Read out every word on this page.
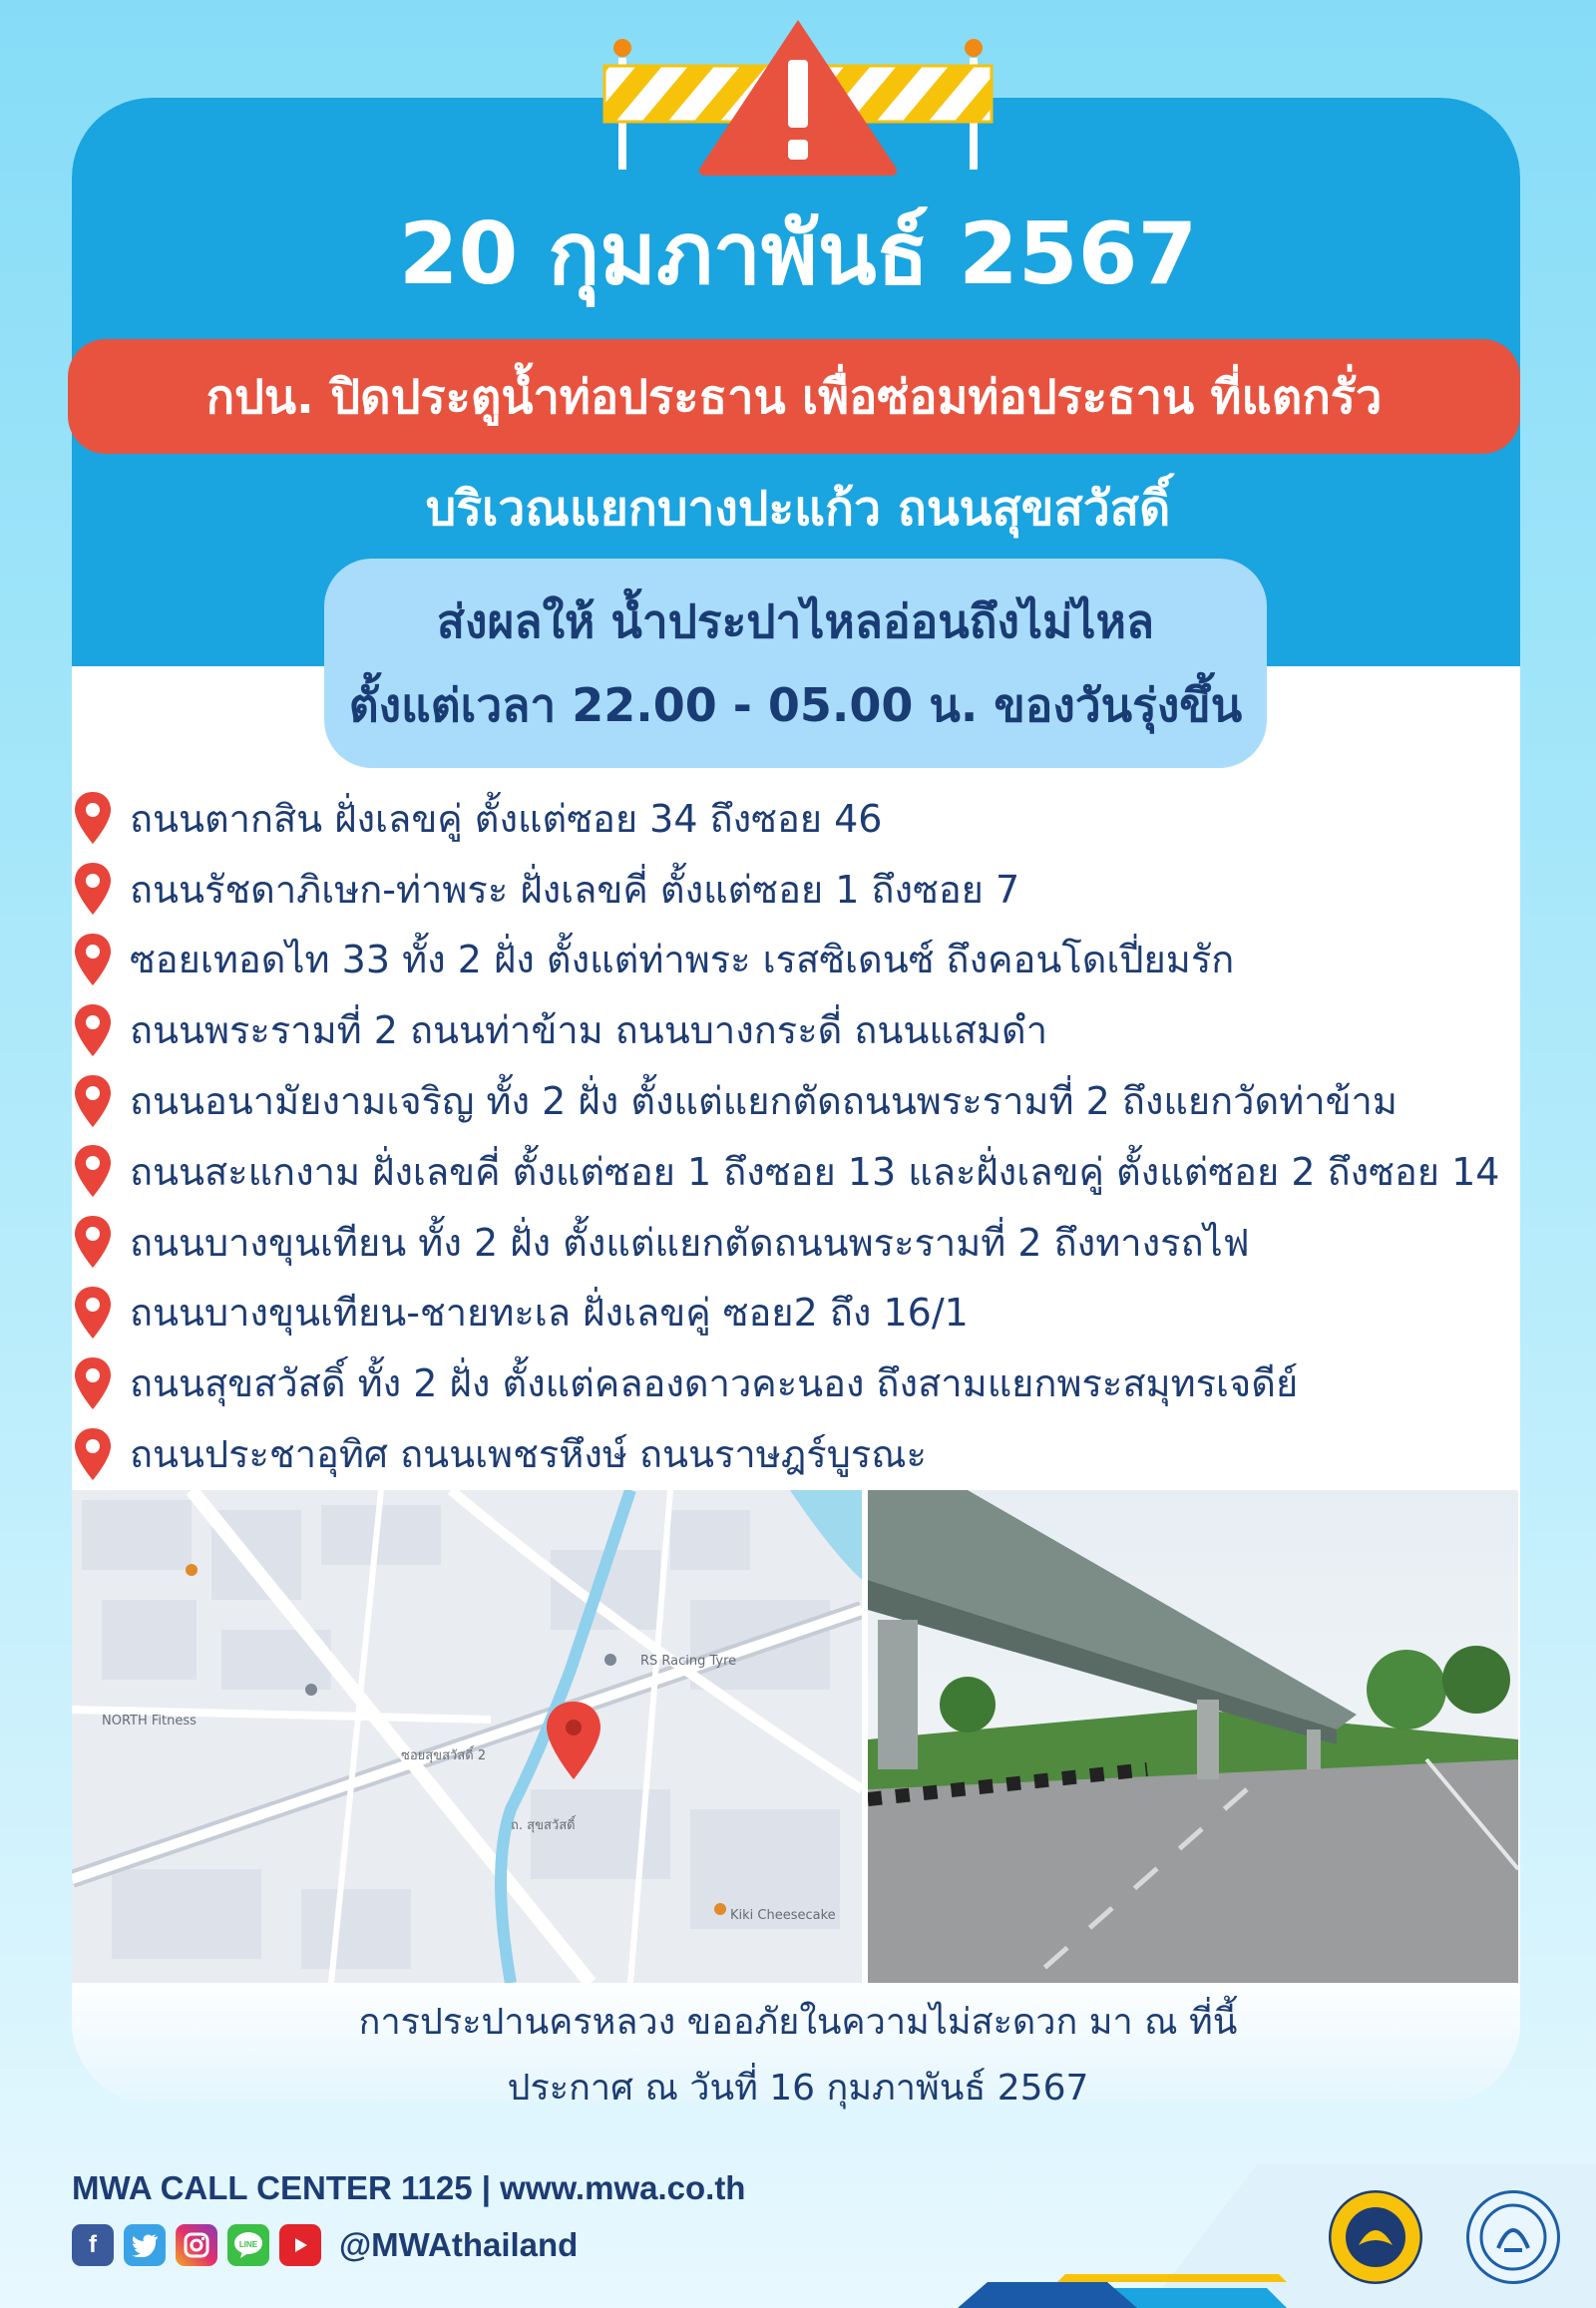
20 กุมภาพันธ์ 2567
กปน. ปิดประตูน้ำท่อประธาน เพื่อซ่อมท่อประธาน ที่แตกรั่ว
บริเวณแยกบางปะแก้ว ถนนสุขสวัสดิ์
ส่งผลให้ น้ำประปาไหลอ่อนถึงไม่ไหล
ตั้งแต่เวลา 22.00 - 05.00 น. ของวันรุ่งขึ้น
ถนนตากสิน ฝั่งเลขคู่ ตั้งแต่ซอย 34 ถึงซอย 46
ถนนรัชดาภิเษก-ท่าพระ ฝั่งเลขคี่ ตั้งแต่ซอย 1 ถึงซอย 7
ซอยเทอดไท 33 ทั้ง 2 ฝั่ง ตั้งแต่ท่าพระ เรสซิเดนซ์ ถึงคอนโดเปี่ยมรัก
ถนนพระรามที่ 2 ถนนท่าข้าม ถนนบางกระดี่ ถนนแสมดำ
ถนนอนามัยงามเจริญ ทั้ง 2 ฝั่ง ตั้งแต่แยกตัดถนนพระรามที่ 2 ถึงแยกวัดท่าข้าม
ถนนสะแกงาม ฝั่งเลขคี่ ตั้งแต่ซอย 1 ถึงซอย 13 และฝั่งเลขคู่ ตั้งแต่ซอย 2 ถึงซอย 14
ถนนบางขุนเทียน ทั้ง 2 ฝั่ง ตั้งแต่แยกตัดถนนพระรามที่ 2 ถึงทางรถไฟ
ถนนบางขุนเทียน-ชายทะเล ฝั่งเลขคู่ ซอย2 ถึง 16/1
ถนนสุขสวัสดิ์ ทั้ง 2 ฝั่ง ตั้งแต่คลองดาวคะนอง ถึงสามแยกพระสมุทรเจดีย์
ถนนประชาอุทิศ ถนนเพชรหึงษ์ ถนนราษฎร์บูรณะ
ซอยสุขสวัสดิ์ 2
ถ. สุขสวัสดิ์
Kiki Cheesecake
RS Racing Tyre
NORTH Fitness
การประปานครหลวง ขออภัยในความไม่สะดวก มา ณ ที่นี้
ประกาศ ณ วันที่ 16 กุมภาพันธ์ 2567
MWA CALL CENTER 1125 | www.mwa.co.th
f	LINE @MWAthailand
